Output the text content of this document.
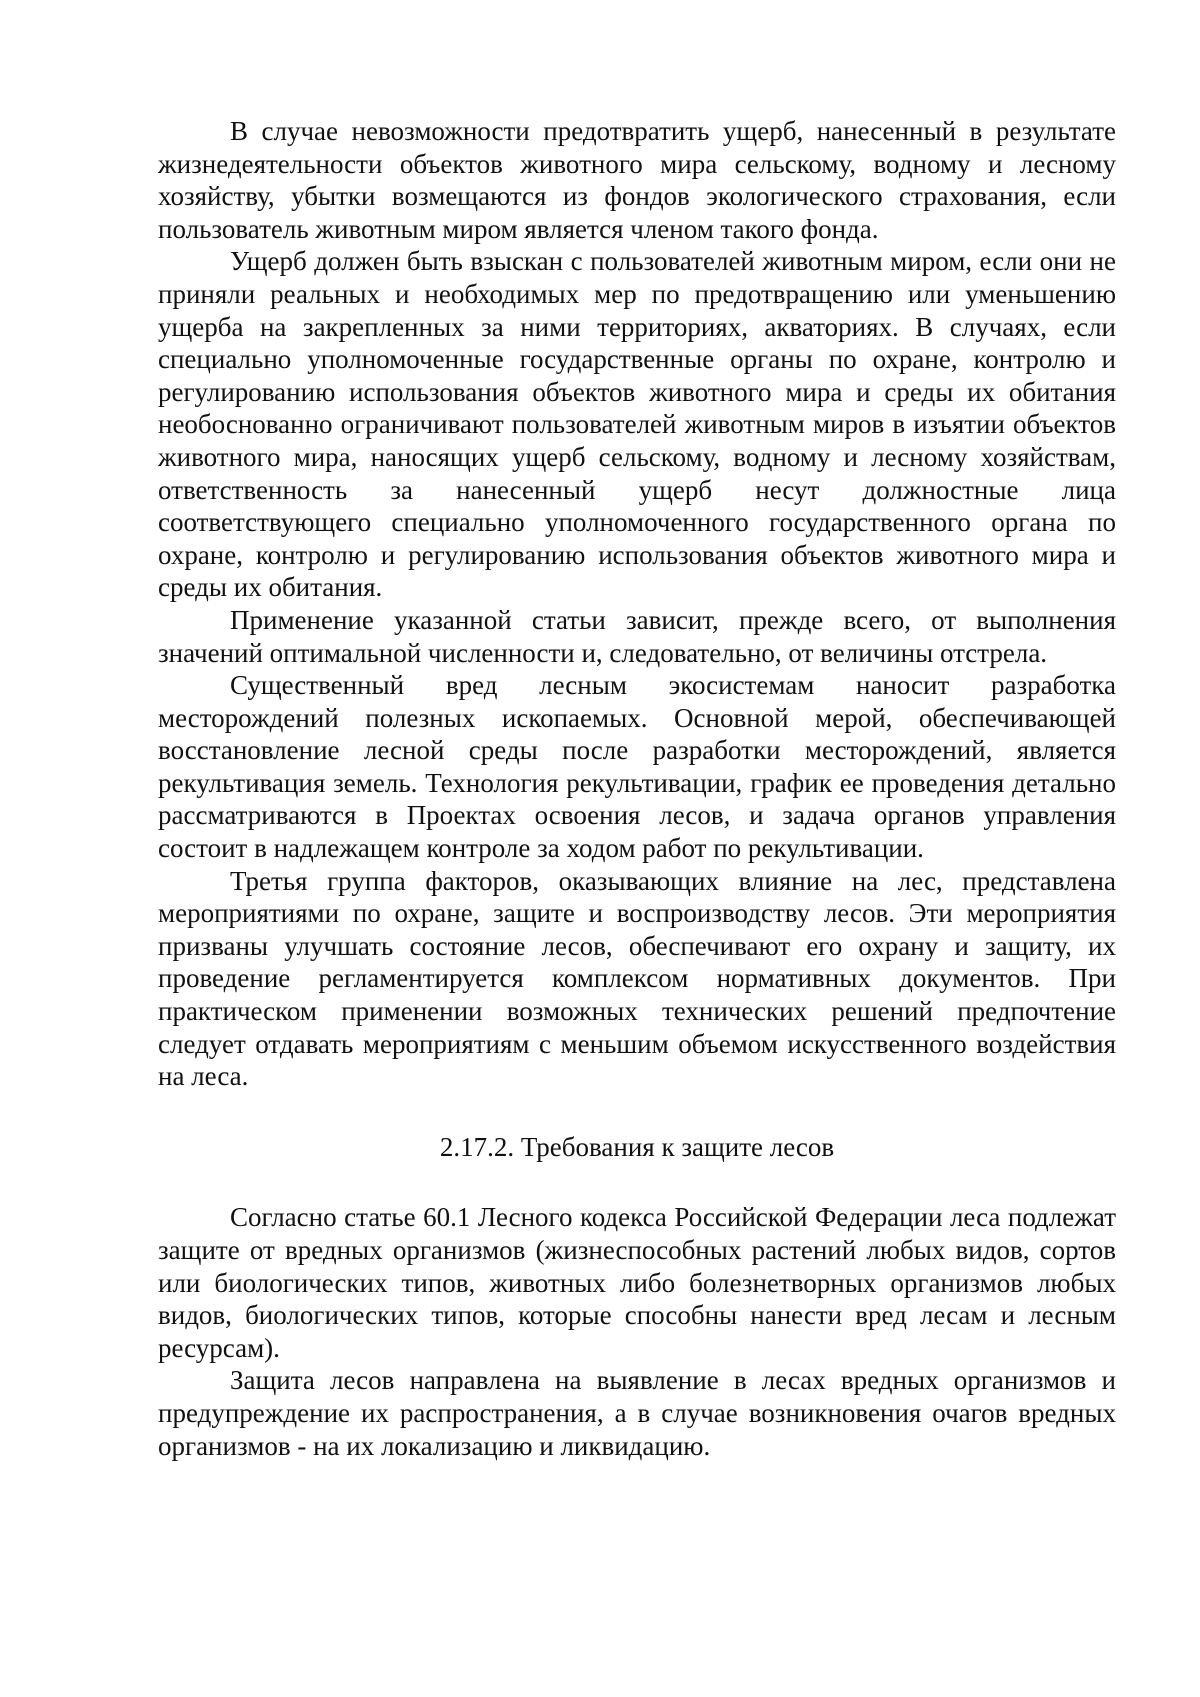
В случае невозможности предотвратить ущерб, нанесенный в результате жизнедеятельности объектов животного мира сельскому, водному и лесному хозяйству, убытки возмещаются из фондов экологического страхования, если пользователь животным миром является членом такого фонда.

Ущерб должен быть взыскан с пользователей животным миром, если они не приняли реальных и необходимых мер по предотвращению или уменьшению ущерба на закрепленных за ними территориях, акваториях. В случаях, если специально уполномоченные государственные органы по охране, контролю и регулированию использования объектов животного мира и среды их обитания необоснованно ограничивают пользователей животным миров в изъятии объектов животного мира, наносящих ущерб сельскому, водному и лесному хозяйствам, ответственность за нанесенный ущерб несут должностные лица соответствующего специально уполномоченного государственного органа по охране, контролю и регулированию использования объектов животного мира и среды их обитания.

Применение указанной статьи зависит, прежде всего, от выполнения значений оптимальной численности и, следовательно, от величины отстрела.

Существенный вред лесным экосистемам наносит разработка месторождений полезных ископаемых. Основной мерой, обеспечивающей восстановление лесной среды после разработки месторождений, является рекультивация земель. Технология рекультивации, график ее проведения детально рассматриваются в Проектах освоения лесов, и задача органов управления состоит в надлежащем контроле за ходом работ по рекультивации.

Третья группа факторов, оказывающих влияние на лес, представлена мероприятиями по охране, защите и воспроизводству лесов. Эти мероприятия призваны улучшать состояние лесов, обеспечивают его охрану и защиту, их проведение регламентируется комплексом нормативных документов. При практическом применении возможных технических решений предпочтение следует отдавать мероприятиям с меньшим объемом искусственного воздействия на леса.

2.17.2. Требования к защите лесов

Согласно статье 60.1 Лесного кодекса Российской Федерации леса подлежат защите от вредных организмов (жизнеспособных растений любых видов, сортов или биологических типов, животных либо болезнетворных организмов любых видов, биологических типов, которые способны нанести вред лесам и лесным ресурсам).

Защита лесов направлена на выявление в лесах вредных организмов и предупреждение их распространения, а в случае возникновения очагов вредных организмов - на их локализацию и ликвидацию.
